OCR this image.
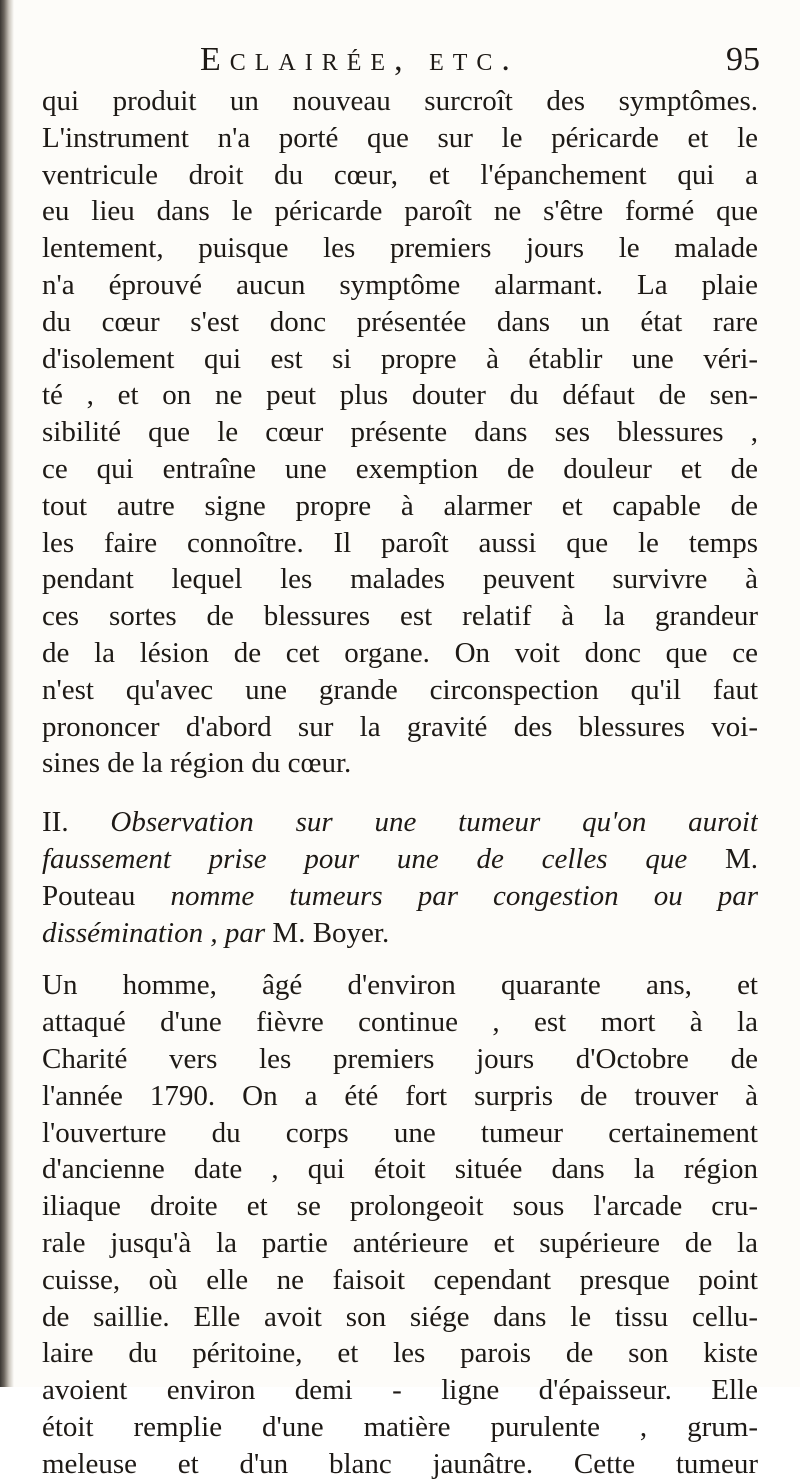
Eclairée, etc.	95
qui produit un nouveau surcroît des symptômes.
L'instrument n'a porté que sur le péricarde et le
ventricule droit du cœur, et l'épanchement qui a
eu lieu dans le péricarde paroît ne s'être formé que
lentement, puisque les premiers jours le malade
n'a éprouvé aucun symptôme alarmant. La plaie
du cœur s'est donc présentée dans un état rare
d'isolement qui est si propre à établir une véri-
té , et on ne peut plus douter du défaut de sen-
sibilité que le cœur présente dans ses blessures ,
ce qui entraîne une exemption de douleur et de
tout autre signe propre à alarmer et capable de
les faire connoître. Il paroît aussi que le temps
pendant lequel les malades peuvent survivre à
ces sortes de blessures est relatif à la grandeur
de la lésion de cet organe. On voit donc que ce
n'est qu'avec une grande circonspection qu'il faut
prononcer d'abord sur la gravité des blessures voi-
sines de la région du cœur.
II. Observation sur une tumeur qu'on auroit
faussement prise pour une de celles que M.
Pouteau nomme tumeurs par congestion ou par
dissémination , par M. Boyer.
Un homme, âgé d'environ quarante ans, et
attaqué d'une fièvre continue , est mort à la
Charité vers les premiers jours d'Octobre de
l'année 1790. On a été fort surpris de trouver à
l'ouverture du corps une tumeur certainement
d'ancienne date , qui étoit située dans la région
iliaque droite et se prolongeoit sous l'arcade cru-
rale jusqu'à la partie antérieure et supérieure de la
cuisse, où elle ne faisoit cependant presque point
de saillie. Elle avoit son siége dans le tissu cellu-
laire du péritoine, et les parois de son kiste
avoient environ demi - ligne d'épaisseur. Elle
étoit remplie d'une matière purulente , grum-
meleuse et d'un blanc jaunâtre. Cette tumeur
